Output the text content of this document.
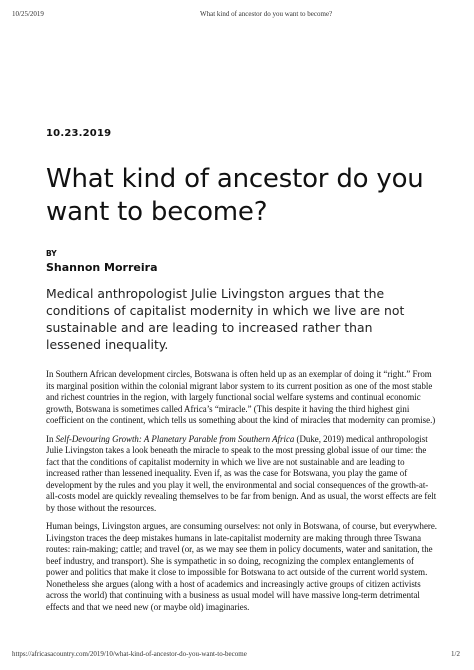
10/25/2019	What kind of ancestor do you want to become?
10.23.2019
What kind of ancestor do you want to become?
BY
Shannon Morreira

Medical anthropologist Julie Livingston argues that the conditions of capitalist modernity in which we live are not sustainable and are leading to increased rather than lessened inequality.

In Southern African development circles, Botswana is often held up as an exemplar of doing it “right.” From its marginal position within the colonial migrant labor system to its current position as one of the most stable and richest countries in the region, with largely functional social welfare systems and continual economic growth, Botswana is sometimes called Africa’s “miracle.” (This despite it having the third highest gini coefficient on the continent, which tells us something about the kind of miracles that modernity can promise.)

In Self-Devouring Growth: A Planetary Parable from Southern Africa (Duke, 2019) medical anthropologist Julie Livingston takes a look beneath the miracle to speak to the most pressing global issue of our time: the fact that the conditions of capitalist modernity in which we live are not sustainable and are leading to increased rather than lessened inequality. Even if, as was the case for Botswana, you play the game of development by the rules and you play it well, the environmental and social consequences of the growth-at-all-costs model are quickly revealing themselves to be far from benign. And as usual, the worst effects are felt by those without the resources.

Human beings, Livingston argues, are consuming ourselves: not only in Botswana, of course, but everywhere. Livingston traces the deep mistakes humans in late-capitalist modernity are making through three Tswana routes: rain-making; cattle; and travel (or, as we may see them in policy documents, water and sanitation, the beef industry, and transport). She is sympathetic in so doing, recognizing the complex entanglements of power and politics that make it close to impossible for Botswana to act outside of the current world system. Nonetheless she argues (along with a host of academics and increasingly active groups of citizen activists across the world) that continuing with a business as usual model will have massive long-term detrimental effects and that we need new (or maybe old) imaginaries.

https://africasacountry.com/2019/10/what-kind-of-ancestor-do-you-want-to-become	1/2
